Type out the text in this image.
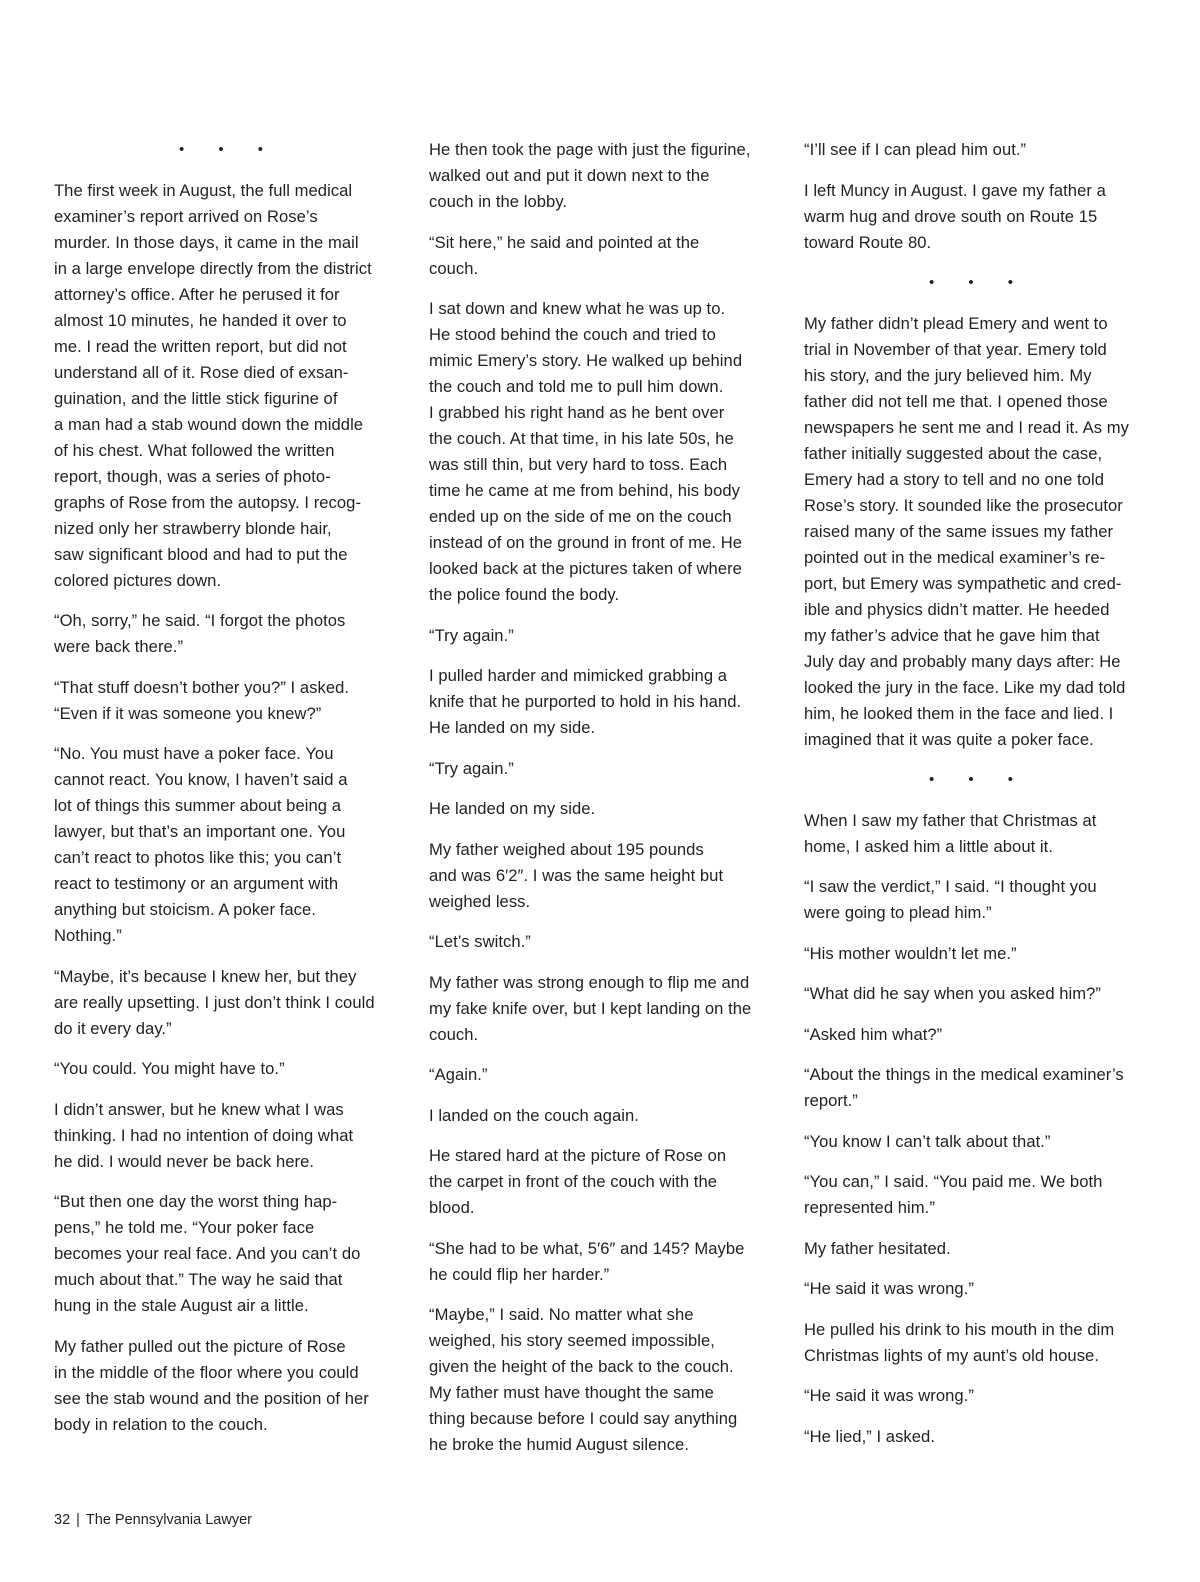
• • •

The first week in August, the full medical
examiner’s report arrived on Rose’s
murder. In those days, it came in the mail
in a large envelope directly from the district
attorney’s office. After he perused it for
almost 10 minutes, he handed it over to
me. I read the written report, but did not
understand all of it. Rose died of exsan-
guination, and the little stick figurine of
a man had a stab wound down the middle
of his chest. What followed the written
report, though, was a series of photo-
graphs of Rose from the autopsy. I recog-
nized only her strawberry blonde hair,
saw significant blood and had to put the
colored pictures down.

“Oh, sorry,” he said. “I forgot the photos
were back there.”

“That stuff doesn’t bother you?” I asked.
“Even if it was someone you knew?”

“No. You must have a poker face. You
cannot react. You know, I haven’t said a
lot of things this summer about being a
lawyer, but that’s an important one. You
can’t react to photos like this; you can’t
react to testimony or an argument with
anything but stoicism. A poker face.
Nothing.”

“Maybe, it’s because I knew her, but they
are really upsetting. I just don’t think I could
do it every day.”

“You could. You might have to.”

I didn’t answer, but he knew what I was
thinking. I had no intention of doing what
he did. I would never be back here.

“But then one day the worst thing hap-
pens,” he told me. “Your poker face
becomes your real face. And you can’t do
much about that.” The way he said that
hung in the stale August air a little.

My father pulled out the picture of Rose
in the middle of the floor where you could
see the stab wound and the position of her
body in relation to the couch.

He then took the page with just the figurine,
walked out and put it down next to the
couch in the lobby.

“Sit here,” he said and pointed at the
couch.

I sat down and knew what he was up to.
He stood behind the couch and tried to
mimic Emery’s story. He walked up behind
the couch and told me to pull him down.
I grabbed his right hand as he bent over
the couch. At that time, in his late 50s, he
was still thin, but very hard to toss. Each
time he came at me from behind, his body
ended up on the side of me on the couch
instead of on the ground in front of me. He
looked back at the pictures taken of where
the police found the body.

“Try again.”

I pulled harder and mimicked grabbing a
knife that he purported to hold in his hand.
He landed on my side.

“Try again.”

He landed on my side.

My father weighed about 195 pounds
and was 6′2″. I was the same height but
weighed less.

“Let’s switch.”

My father was strong enough to flip me and
my fake knife over, but I kept landing on the
couch.

“Again.”

I landed on the couch again.

He stared hard at the picture of Rose on
the carpet in front of the couch with the
blood.

“She had to be what, 5′6″ and 145? Maybe
he could flip her harder.”

“Maybe,” I said. No matter what she
weighed, his story seemed impossible,
given the height of the back to the couch.
My father must have thought the same
thing because before I could say anything
he broke the humid August silence.

“I’ll see if I can plead him out.”

I left Muncy in August. I gave my father a
warm hug and drove south on Route 15
toward Route 80.

• • •

My father didn’t plead Emery and went to
trial in November of that year. Emery told
his story, and the jury believed him. My
father did not tell me that. I opened those
newspapers he sent me and I read it. As my
father initially suggested about the case,
Emery had a story to tell and no one told
Rose’s story. It sounded like the prosecutor
raised many of the same issues my father
pointed out in the medical examiner’s re-
port, but Emery was sympathetic and cred-
ible and physics didn’t matter. He heeded
my father’s advice that he gave him that
July day and probably many days after: He
looked the jury in the face. Like my dad told
him, he looked them in the face and lied. I
imagined that it was quite a poker face.

• • •

When I saw my father that Christmas at
home, I asked him a little about it.

“I saw the verdict,” I said. “I thought you
were going to plead him.”

“His mother wouldn’t let me.”

“What did he say when you asked him?”

“Asked him what?”

“About the things in the medical examiner’s
report.”

“You know I can’t talk about that.”

“You can,” I said. “You paid me. We both
represented him.”

My father hesitated.

“He said it was wrong.”

He pulled his drink to his mouth in the dim
Christmas lights of my aunt’s old house.

“He said it was wrong.”

“He lied,” I asked.

32 | The Pennsylvania Lawyer
